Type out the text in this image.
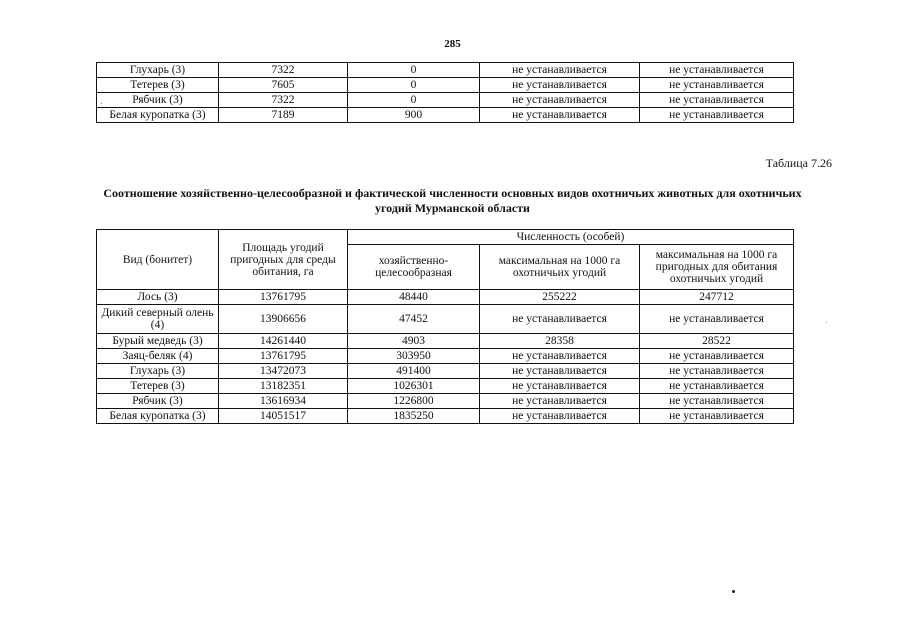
285
Глухарь (3)	7322	0	не устанавливается	не устанавливается
Тетерев (3)	7605	0	не устанавливается	не устанавливается
Рябчик (3)	7322	0	не устанавливается	не устанавливается
Белая куропатка (3)	7189	900	не устанавливается	не устанавливается
Таблица 7.26
Соотношение хозяйственно-целесообразной и фактической численности основных видов охотничьих животных для охотничьих
угодий Мурманской области
Вид (бонитет)	Площадь угодий пригодных для среды обитания, га	Численность (особей)		
		хозяйственно-целесообразная	максимальная на 1000 га охотничьих угодий	максимальная на 1000 га пригодных для обитания охотничьих угодий
Лось (3)	13761795	48440	255222	247712
Дикий северный олень (4)	13906656	47452	не устанавливается	не устанавливается
Бурый медведь (3)	14261440	4903	28358	28522
Заяц-беляк (4)	13761795	303950	не устанавливается	не устанавливается
Глухарь (3)	13472073	491400	не устанавливается	не устанавливается
Тетерев (3)	13182351	1026301	не устанавливается	не устанавливается
Рябчик (3)	13616934	1226800	не устанавливается	не устанавливается
Белая куропатка (3)	14051517	1835250	не устанавливается	не устанавливается
